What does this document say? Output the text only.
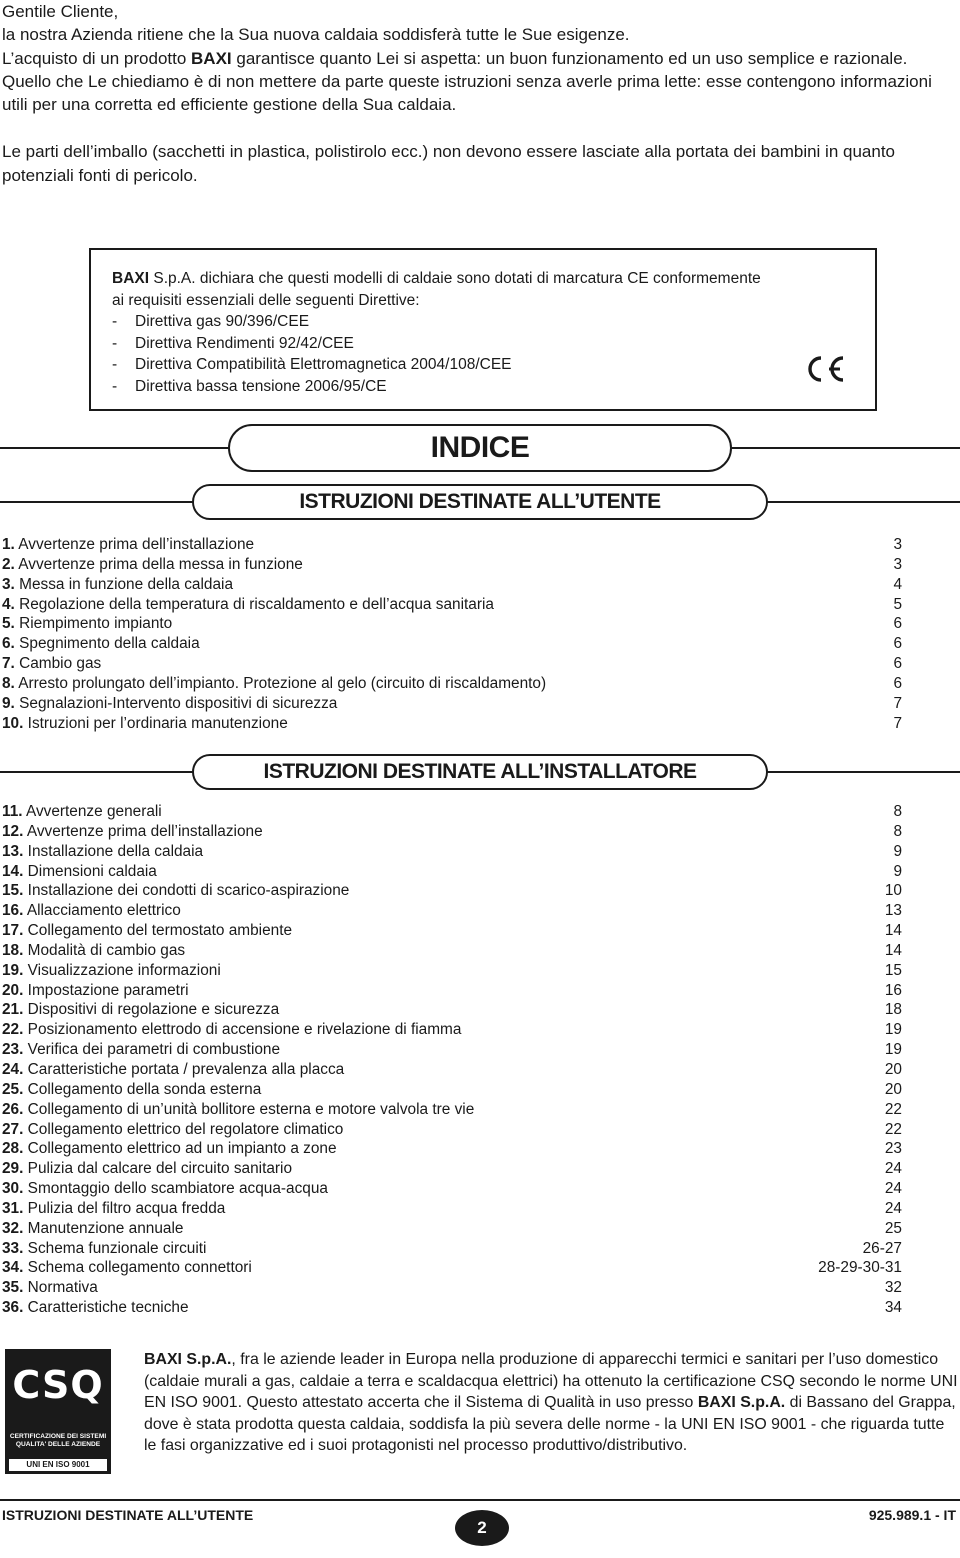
Gentile Cliente,

la nostra Azienda ritiene che la Sua nuova caldaia soddisferà tutte le Sue esigenze.

L’acquisto di un prodotto BAXI garantisce quanto Lei si aspetta: un buon funzionamento ed un uso semplice e razionale.

Quello che Le chiediamo è di non mettere da parte queste istruzioni senza averle prima lette: esse contengono informazioni utili per una corretta ed efficiente gestione della Sua caldaia.

Le parti dell’imballo (sacchetti in plastica, polistirolo ecc.) non devono essere lasciate alla portata dei bambini in quanto potenziali fonti di pericolo.

BAXI S.p.A. dichiara che questi modelli di caldaie sono dotati di marcatura CE conformemente
ai requisiti essenziali delle seguenti Direttive:
- Direttiva gas 90/396/CEE
- Direttiva Rendimenti 92/42/CEE
- Direttiva Compatibilità Elettromagnetica 2004/108/CEE
- Direttiva bassa tensione 2006/95/CE
INDICE
ISTRUZIONI DESTINATE ALL’UTENTE
1. Avvertenze prima dell’installazione	3
2. Avvertenze prima della messa in funzione	3
3. Messa in funzione della caldaia	4
4. Regolazione della temperatura di riscaldamento e dell’acqua sanitaria	5
5. Riempimento impianto	6
6. Spegnimento della caldaia	6
7. Cambio gas	6
8. Arresto prolungato dell’impianto. Protezione al gelo (circuito di riscaldamento)	6
9. Segnalazioni-Intervento dispositivi di sicurezza	7
10. Istruzioni per l’ordinaria manutenzione	7
ISTRUZIONI DESTINATE ALL’INSTALLATORE
11. Avvertenze generali	8
12. Avvertenze prima dell’installazione	8
13. Installazione della caldaia	9
14. Dimensioni caldaia	9
15. Installazione dei condotti di scarico-aspirazione	10
16. Allacciamento elettrico	13
17. Collegamento del termostato ambiente	14
18. Modalità di cambio gas	14
19. Visualizzazione informazioni	15
20. Impostazione parametri	16
21. Dispositivi di regolazione e sicurezza	18
22. Posizionamento elettrodo di accensione e rivelazione di fiamma	19
23. Verifica dei parametri di combustione	19
24. Caratteristiche portata / prevalenza alla placca	20
25. Collegamento della sonda esterna	20
26. Collegamento di un’unità bollitore esterna e motore valvola tre vie	22
27. Collegamento elettrico del regolatore climatico	22
28. Collegamento elettrico ad un impianto a zone	23
29. Pulizia dal calcare del circuito sanitario	24
30. Smontaggio dello scambiatore acqua-acqua	24
31. Pulizia del filtro acqua fredda	24
32. Manutenzione annuale	25
33. Schema funzionale circuiti	26-27
34. Schema collegamento connettori	28-29-30-31
35. Normativa	32
36. Caratteristiche tecniche	34
CSQ
CERTIFICAZIONE DEI SISTEMI
QUALITA' DELLE AZIENDE
UNI EN ISO 9001
BAXI S.p.A., fra le aziende leader in Europa nella produzione di apparecchi termici e sanitari per l’uso domestico (caldaie murali a gas, caldaie a terra e scaldacqua elettrici) ha ottenuto la certificazione CSQ secondo le norme UNI EN ISO 9001. Questo attestato accerta che il Sistema di Qualità in uso presso BAXI S.p.A. di Bassano del Grappa, dove è stata prodotta questa caldaia, soddisfa la più severa delle norme - la UNI EN ISO 9001 - che riguarda tutte le fasi organizzative ed i suoi protagonisti nel processo produttivo/distributivo.
ISTRUZIONI DESTINATE ALL’UTENTE
2
925.989.1 - IT
